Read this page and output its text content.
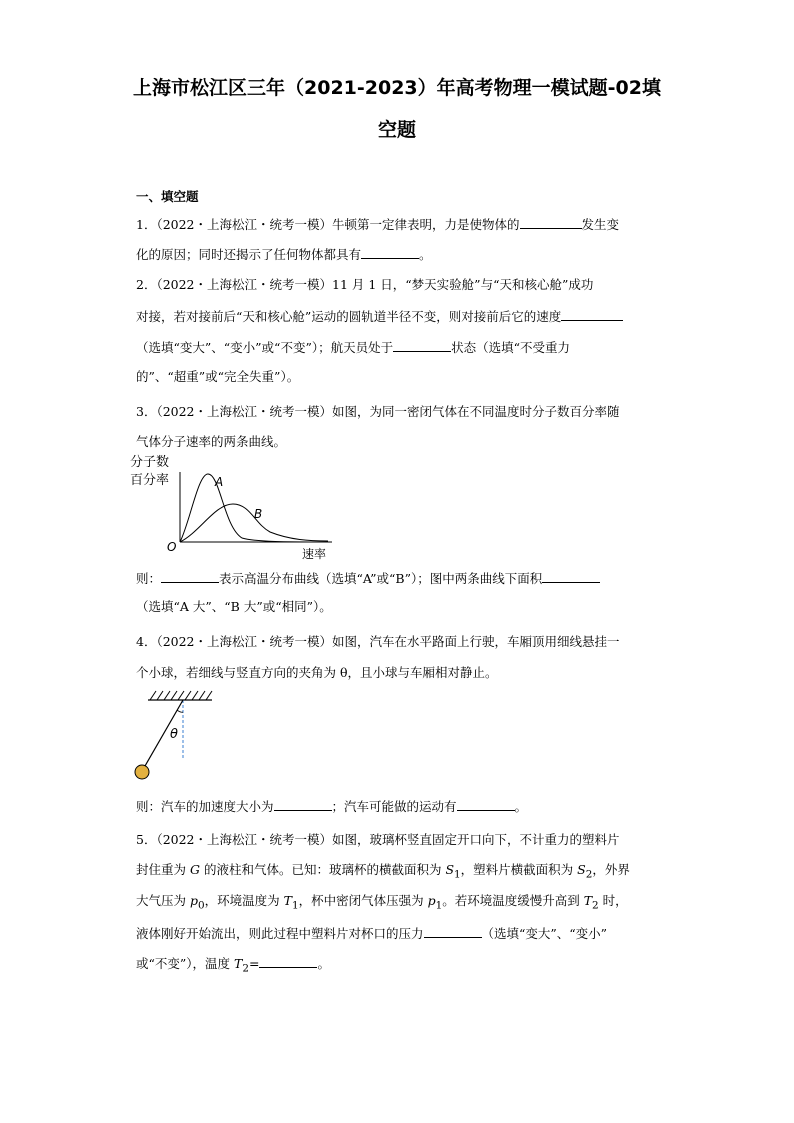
上海市松江区三年（2021-2023）年高考物理一模试题-02填
空题
一、填空题
1．（2022・上海松江・统考一模）牛顿第一定律表明，力是使物体的	发生变
化的原因；同时还揭示了任何物体都具有	。
2．（2022・上海松江・统考一模）11 月 1 日，“梦天实验舱”与“天和核心舱”成功
对接，若对接前后“天和核心舱”运动的圆轨道半径不变，则对接前后它的速度
（选填“变大”、“变小”或“不变”）；航天员处于	状态（选填“不受重力
的”、“超重”或“完全失重”）。
3．（2022・上海松江・统考一模）如图，为同一密闭气体在不同温度时分子数百分率随
气体分子速率的两条曲线。
分子数
百分率	A
B
O	速率
则：	表示高温分布曲线（选填“A”或“B”）；图中两条曲线下面积
（选填“A 大”、“B 大”或“相同”）。
4．（2022・上海松江・统考一模）如图，汽车在水平路面上行驶，车厢顶用细线悬挂一
个小球，若细线与竖直方向的夹角为 θ，且小球与车厢相对静止。
θ
则：汽车的加速度大小为	；汽车可能做的运动有	。
5．（2022・上海松江・统考一模）如图，玻璃杯竖直固定开口向下，不计重力的塑料片
封住重为 G 的液柱和气体。已知：玻璃杯的横截面积为 $S_1$，塑料片横截面积为 $S_2$，外界
大气压为 $p_0$，环境温度为 $T_1$，杯中密闭气体压强为 $p_1$。若环境温度缓慢升高到 $T_2$ 时，
液体刚好开始流出，则此过程中塑料片对杯口的压力	（选填“变大”、“变小”
或“不变”），温度 $T_2=$	。
